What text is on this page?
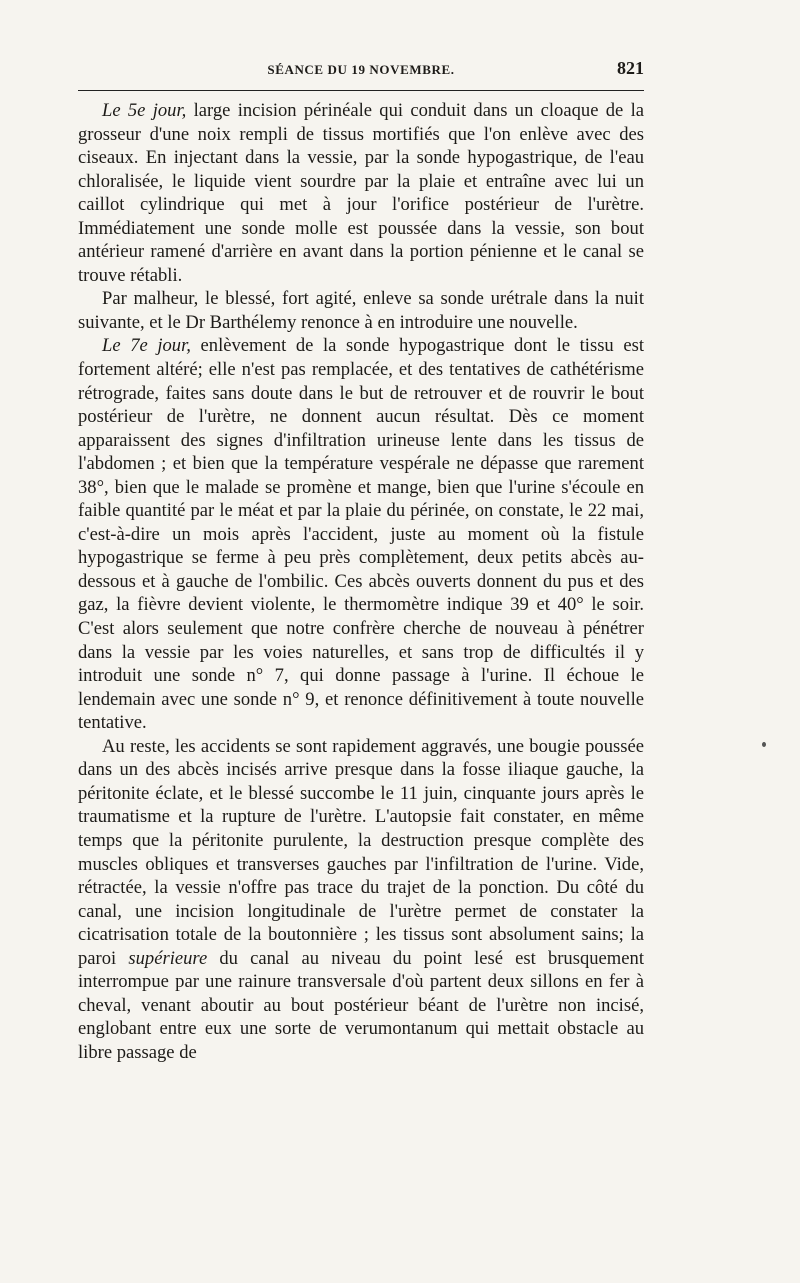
SÉANCE DU 19 NOVEMBRE.	821

Le 5e jour, large incision périnéale qui conduit dans un cloaque de la grosseur d'une noix rempli de tissus mortifiés que l'on enlève avec des ciseaux. En injectant dans la vessie, par la sonde hypogastrique, de l'eau chloralisée, le liquide vient sourdre par la plaie et entraîne avec lui un caillot cylindrique qui met à jour l'orifice postérieur de l'urètre. Immédiatement une sonde molle est poussée dans la vessie, son bout antérieur ramené d'arrière en avant dans la portion pénienne et le canal se trouve rétabli.

Par malheur, le blessé, fort agité, enleve sa sonde urétrale dans la nuit suivante, et le Dr Barthélemy renonce à en introduire une nouvelle.

Le 7e jour, enlèvement de la sonde hypogastrique dont le tissu est fortement altéré; elle n'est pas remplacée, et des tentatives de cathétérisme rétrograde, faites sans doute dans le but de retrouver et de rouvrir le bout postérieur de l'urètre, ne donnent aucun résultat. Dès ce moment apparaissent des signes d'infiltration urineuse lente dans les tissus de l'abdomen ; et bien que la température vespérale ne dépasse que rarement 38°, bien que le malade se promène et mange, bien que l'urine s'écoule en faible quantité par le méat et par la plaie du périnée, on constate, le 22 mai, c'est-à-dire un mois après l'accident, juste au moment où la fistule hypogastrique se ferme à peu près complètement, deux petits abcès au-dessous et à gauche de l'ombilic. Ces abcès ouverts donnent du pus et des gaz, la fièvre devient violente, le thermomètre indique 39 et 40° le soir. C'est alors seulement que notre confrère cherche de nouveau à pénétrer dans la vessie par les voies naturelles, et sans trop de difficultés il y introduit une sonde n° 7, qui donne passage à l'urine. Il échoue le lendemain avec une sonde n° 9, et renonce définitivement à toute nouvelle tentative.

Au reste, les accidents se sont rapidement aggravés, une bougie poussée dans un des abcès incisés arrive presque dans la fosse iliaque gauche, la péritonite éclate, et le blessé succombe le 11 juin, cinquante jours après le traumatisme et la rupture de l'urètre. L'autopsie fait constater, en même temps que la péritonite purulente, la destruction presque complète des muscles obliques et transverses gauches par l'infiltration de l'urine. Vide, rétractée, la vessie n'offre pas trace du trajet de la ponction. Du côté du canal, une incision longitudinale de l'urètre permet de constater la cicatrisation totale de la boutonnière ; les tissus sont absolument sains; la paroi supérieure du canal au niveau du point lesé est brusquement interrompue par une rainure transversale d'où partent deux sillons en fer à cheval, venant aboutir au bout postérieur béant de l'urètre non incisé, englobant entre eux une sorte de verumontanum qui mettait obstacle au libre passage de
